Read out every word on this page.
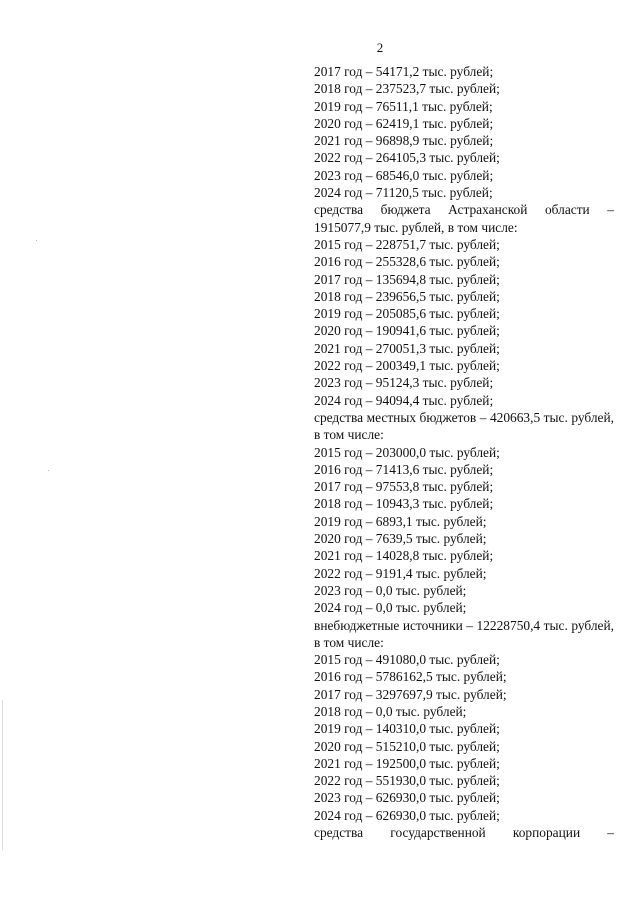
2
2017 год – 54171,2 тыс. рублей;
2018 год – 237523,7 тыс. рублей;
2019 год – 76511,1 тыс. рублей;
2020 год – 62419,1 тыс. рублей;
2021 год – 96898,9 тыс. рублей;
2022 год – 264105,3 тыс. рублей;
2023 год – 68546,0 тыс. рублей;
2024 год – 71120,5 тыс. рублей;
средства бюджета Астраханской области – 1915077,9 тыс. рублей, в том числе:
2015 год – 228751,7 тыс. рублей;
2016 год – 255328,6 тыс. рублей;
2017 год – 135694,8 тыс. рублей;
2018 год – 239656,5 тыс. рублей;
2019 год – 205085,6 тыс. рублей;
2020 год – 190941,6 тыс. рублей;
2021 год – 270051,3 тыс. рублей;
2022 год – 200349,1 тыс. рублей;
2023 год – 95124,3 тыс. рублей;
2024 год – 94094,4 тыс. рублей;
средства местных бюджетов – 420663,5 тыс. рублей, в том числе:
2015 год – 203000,0 тыс. рублей;
2016 год – 71413,6 тыс. рублей;
2017 год – 97553,8 тыс. рублей;
2018 год – 10943,3 тыс. рублей;
2019 год – 6893,1 тыс. рублей;
2020 год – 7639,5 тыс. рублей;
2021 год – 14028,8 тыс. рублей;
2022 год – 9191,4 тыс. рублей;
2023 год – 0,0 тыс. рублей;
2024 год – 0,0 тыс. рублей;
внебюджетные источники – 12228750,4 тыс. рублей, в том числе:
2015 год – 491080,0 тыс. рублей;
2016 год – 5786162,5 тыс. рублей;
2017 год – 3297697,9 тыс. рублей;
2018 год – 0,0 тыс. рублей;
2019 год – 140310,0 тыс. рублей;
2020 год – 515210,0 тыс. рублей;
2021 год – 192500,0 тыс. рублей;
2022 год – 551930,0 тыс. рублей;
2023 год – 626930,0 тыс. рублей;
2024 год – 626930,0 тыс. рублей;
средства государственной корпорации –
